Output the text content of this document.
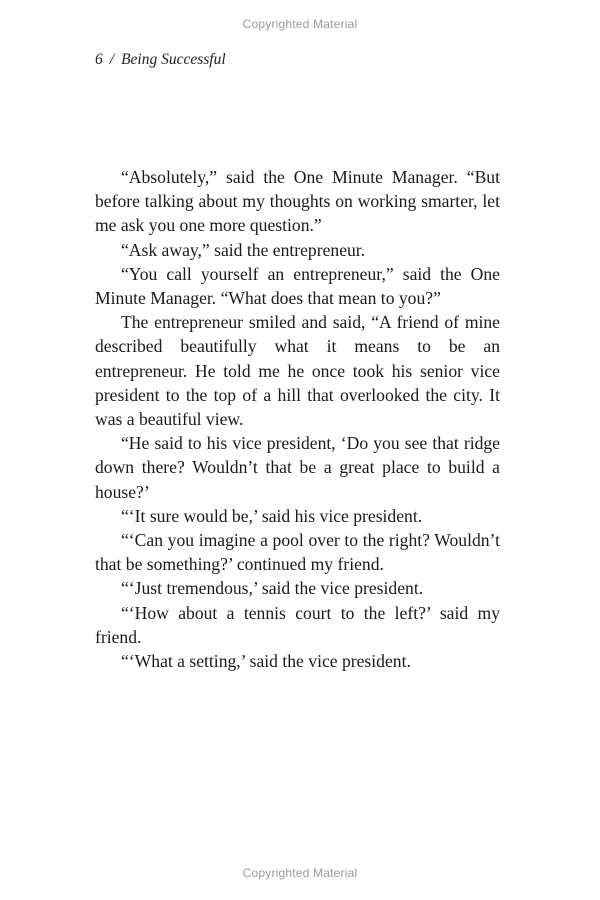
Copyrighted Material
6 / Being Successful

“Absolutely,” said the One Minute Manager. “But before talking about my thoughts on working smarter, let me ask you one more question.”

“Ask away,” said the entrepreneur.

“You call yourself an entrepreneur,” said the One Minute Manager. “What does that mean to you?”

The entrepreneur smiled and said, “A friend of mine described beautifully what it means to be an entrepreneur. He told me he once took his senior vice president to the top of a hill that overlooked the city. It was a beautiful view.

“He said to his vice president, ‘Do you see that ridge down there? Wouldn’t that be a great place to build a house?’

“‘It sure would be,’ said his vice president.

“‘Can you imagine a pool over to the right? Wouldn’t that be something?’ continued my friend.

“‘Just tremendous,’ said the vice president.

“‘How about a tennis court to the left?’ said my friend.

“‘What a setting,’ said the vice president.

Copyrighted Material
